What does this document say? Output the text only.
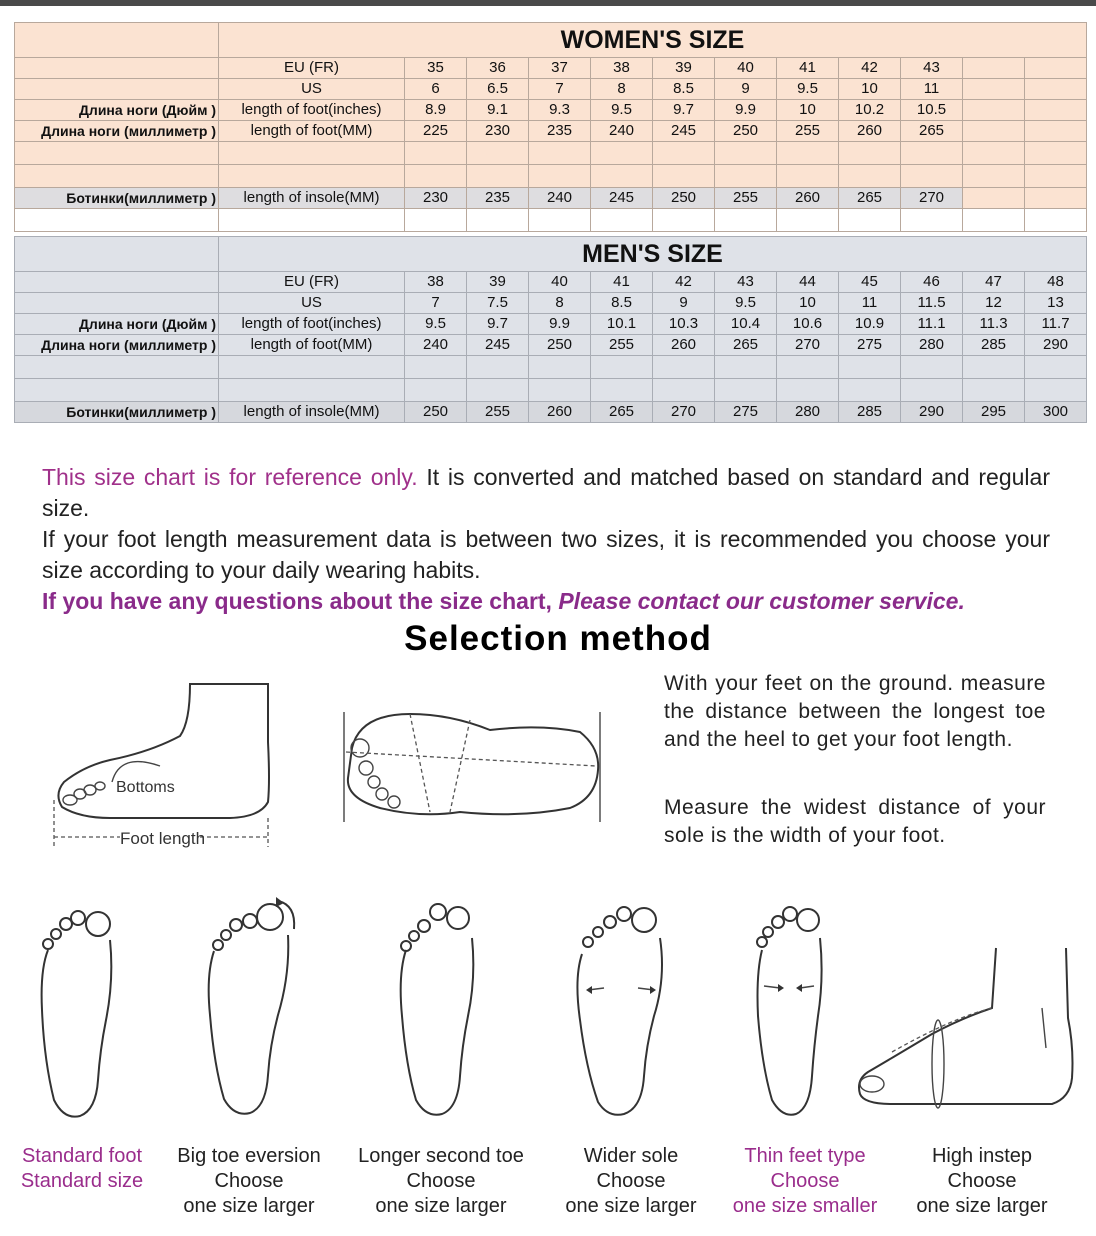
	WOMEN'S SIZE											
	EU (FR)	35	36	37	38	39	40	41	42	43		
	US	6	6.5	7	8	8.5	9	9.5	10	11		
Длина ноги (Дюйм )	length of foot(inches)	8.9	9.1	9.3	9.5	9.7	9.9	10	10.2	10.5		
Длина ноги (миллиметр )	length of foot(MM)	225	230	235	240	245	250	255	260	265		

Ботинки(миллиметр )	length of insole(MM)	230	235	240	245	250	255	260	265	270		

	MEN'S SIZE											
	EU (FR)	38	39	40	41	42	43	44	45	46	47	48
	US	7	7.5	8	8.5	9	9.5	10	11	11.5	12	13
Длина ноги (Дюйм )	length of foot(inches)	9.5	9.7	9.9	10.1	10.3	10.4	10.6	10.9	11.1	11.3	11.7
Длина ноги (миллиметр )	length of foot(MM)	240	245	250	255	260	265	270	275	280	285	290

Ботинки(миллиметр )	length of insole(MM)	250	255	260	265	270	275	280	285	290	295	300

This size chart is for reference only. It is converted and matched based on standard and regular size.

If your foot length measurement data is between two sizes, it is recommended you choose your size according to your daily wearing habits.

If you have any questions about the size chart, Please contact our customer service.

Selection method
Bottoms
Foot length
With your feet on the ground. measure the distance between the longest toe and the heel to get your foot length.
Measure the widest distance of your sole is the width of your foot.
Standard foot
Standard size
Big toe eversion
Choose
one size larger
Longer second toe
Choose
one size larger
Wider sole
Choose
one size larger
Thin feet type
Choose
one size smaller
High instep
Choose
one size larger
